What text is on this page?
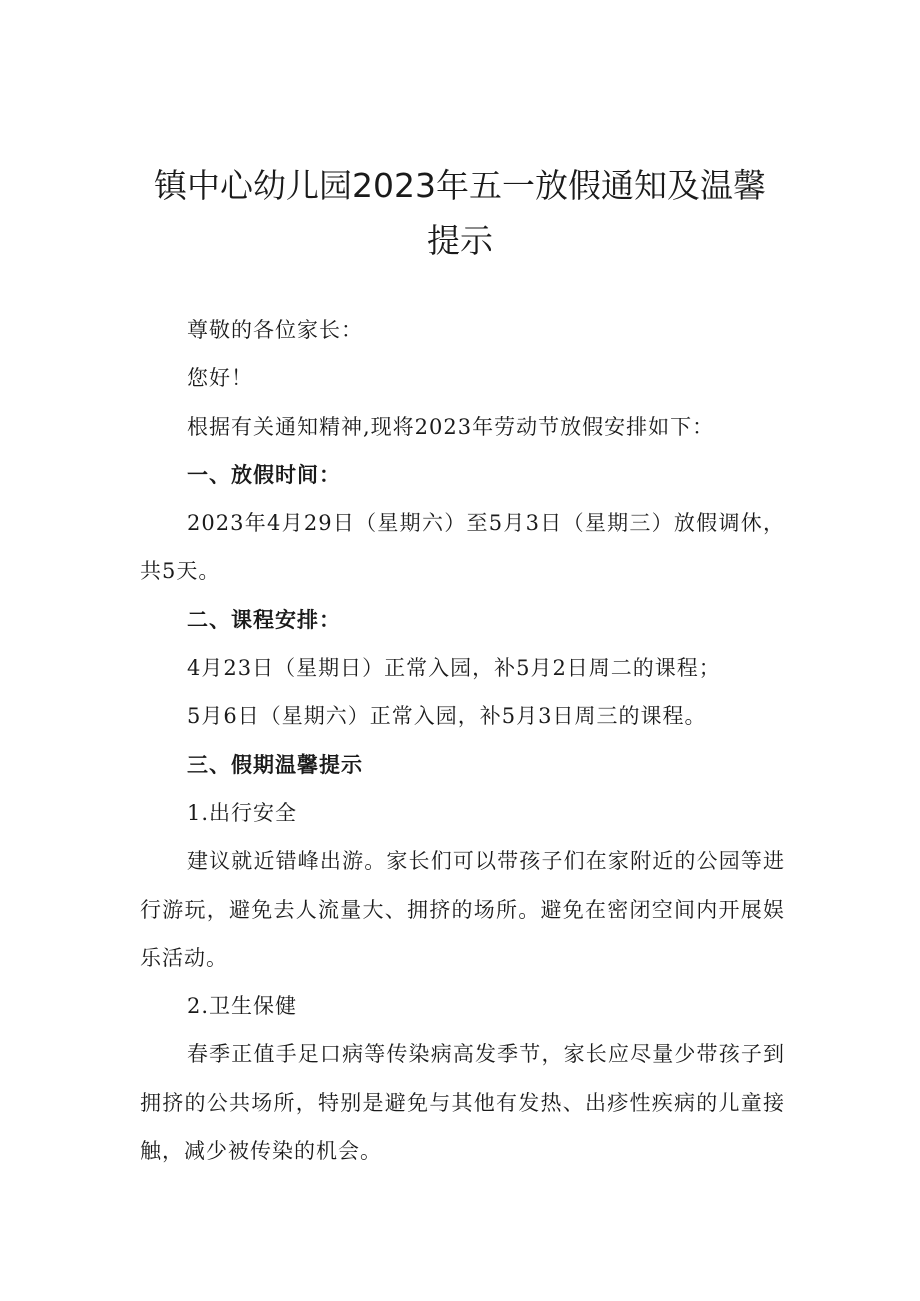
镇中心幼儿园2023年五一放假通知及温馨提示
尊敬的各位家长：
您好！
根据有关通知精神,现将2023年劳动节放假安排如下：
一、放假时间：

2023年4月29日（星期六）至5月3日（星期三）放假调休，共5天。

二、课程安排：
4月23日（星期日）正常入园，补5月2日周二的课程；
5月6日（星期六）正常入园，补5月3日周三的课程。
三、假期温馨提示
1.出行安全

建议就近错峰出游。家长们可以带孩子们在家附近的公园等进行游玩，避免去人流量大、拥挤的场所。避免在密闭空间内开展娱乐活动。

2.卫生保健

春季正值手足口病等传染病高发季节，家长应尽量少带孩子到拥挤的公共场所，特别是避免与其他有发热、出疹性疾病的儿童接触，减少被传染的机会。
